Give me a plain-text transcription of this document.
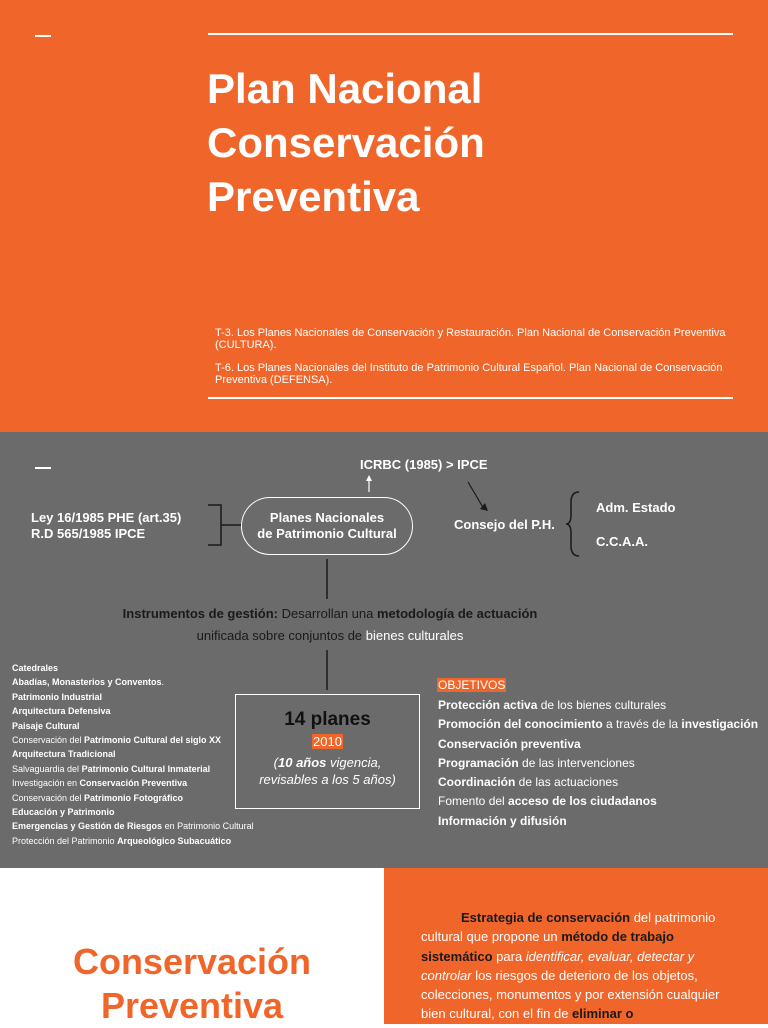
Plan Nacional
Conservación
Preventiva

T-3. Los Planes Nacionales de Conservación y Restauración. Plan Nacional de Conservación Preventiva (CULTURA).

T-6. Los Planes Nacionales del Instituto de Patrimonio Cultural Español. Plan Nacional de Conservación Preventiva (DEFENSA).

ICRBC (1985) > IPCE
Ley 16/1985 PHE (art.35)
R.D 565/1985 IPCE
Planes Nacionales
de Patrimonio Cultural
Consejo del P.H.
Adm. Estado
C.C.A.A.
Instrumentos de gestión: Desarrollan una metodología de actuación
unificada sobre conjuntos de bienes culturales
Catedrales
Abadías, Monasterios y Conventos.
Patrimonio Industrial
Arquitectura Defensiva
Paisaje Cultural
Conservación del Patrimonio Cultural del siglo XX
Arquitectura Tradicional
Salvaguardia del Patrimonio Cultural Inmaterial
Investigación en Conservación Preventiva
Conservación del Patrimonio Fotográfico
Educación y Patrimonio
Emergencias y Gestión de Riesgos en Patrimonio Cultural
Protección del Patrimonio Arqueológico Subacuático
14 planes
2010
(10 años vigencia,
revisables a los 5 años)
OBJETIVOS
Protección activa de los bienes culturales
Promoción del conocimiento a través de la investigación
Conservación preventiva
Programación de las intervenciones
Coordinación de las actuaciones
Fomento del acceso de los ciudadanos
Información y difusión
Conservación
Preventiva
Estrategia de conservación del patrimonio cultural que propone un método de trabajo sistemático para identificar, evaluar, detectar y controlar los riesgos de deterioro de los objetos, colecciones, monumentos y por extensión cualquier bien cultural, con el fin de eliminar o
